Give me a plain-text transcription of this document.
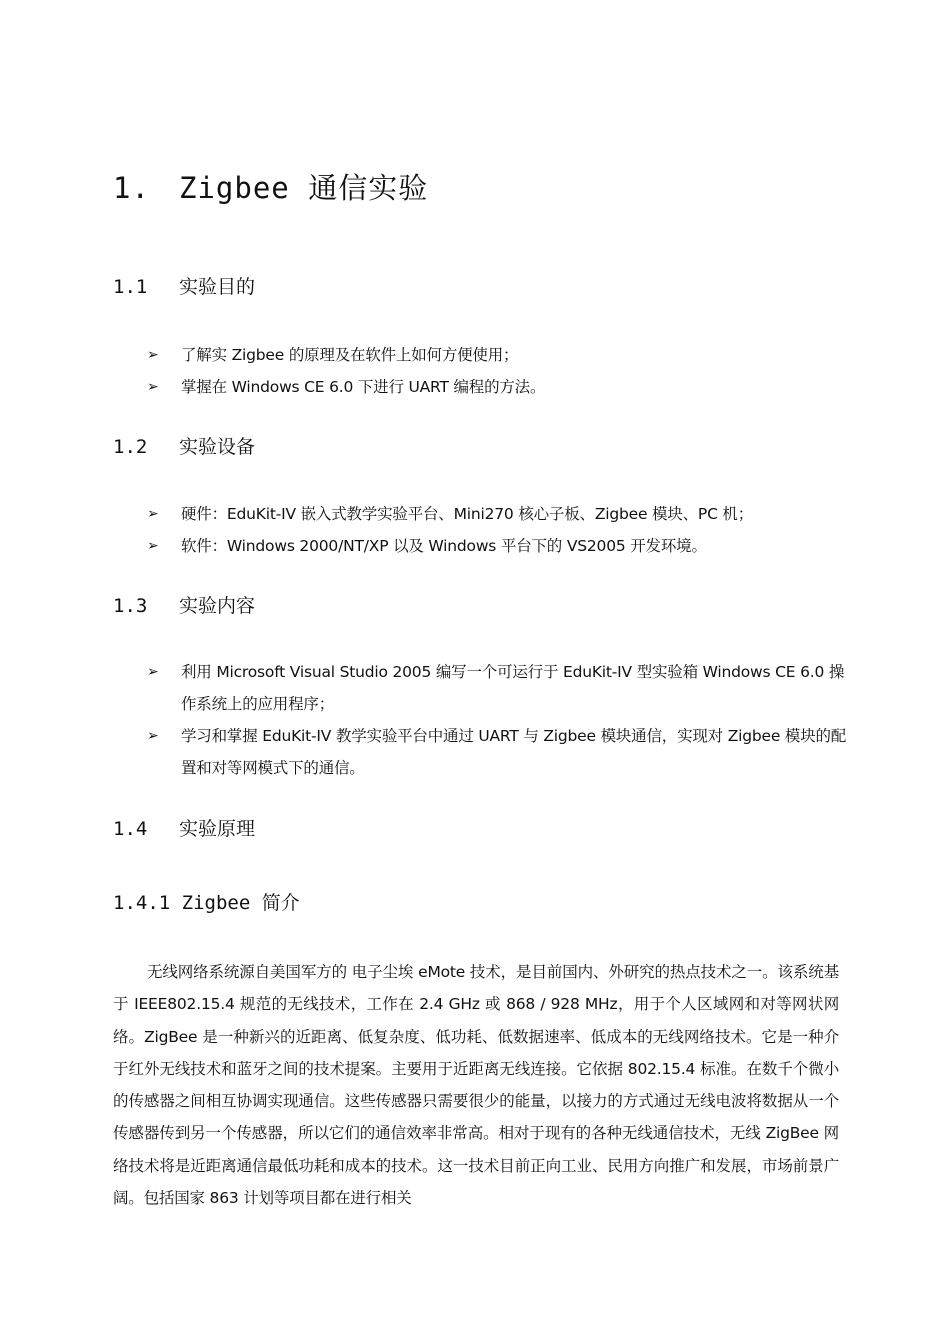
1. Zigbee 通信实验
1.1 实验目的
➢ 了解实 Zigbee 的原理及在软件上如何方便使用；
➢ 掌握在 Windows CE 6.0 下进行 UART 编程的方法。
1.2 实验设备
➢ 硬件：EduKit-IV 嵌入式教学实验平台、Mini270 核心子板、Zigbee 模块、PC 机；
➢ 软件：Windows 2000/NT/XP 以及 Windows 平台下的 VS2005 开发环境。
1.3 实验内容
➢ 利用 Microsoft Visual Studio 2005 编写一个可运行于 EduKit-IV 型实验箱 Windows CE 6.0 操作系统上的应用程序；
➢ 学习和掌握 EduKit-IV 教学实验平台中通过 UART 与 Zigbee 模块通信，实现对 Zigbee 模块的配置和对等网模式下的通信。
1.4 实验原理
1.4.1 Zigbee 简介

无线网络系统源自美国军方的 电子尘埃 eMote 技术，是目前国内、外研究的热点技术之一。该系统基于 IEEE802.15.4 规范的无线技术，工作在 2.4 GHz 或 868 / 928 MHz，用于个人区域网和对等网状网络。ZigBee 是一种新兴的近距离、低复杂度、低功耗、低数据速率、低成本的无线网络技术。它是一种介于红外无线技术和蓝牙之间的技术提案。主要用于近距离无线连接。它依据 802.15.4 标准。在数千个微小的传感器之间相互协调实现通信。这些传感器只需要很少的能量，以接力的方式通过无线电波将数据从一个传感器传到另一个传感器，所以它们的通信效率非常高。相对于现有的各种无线通信技术，无线 ZigBee 网络技术将是近距离通信最低功耗和成本的技术。这一技术目前正向工业、民用方向推广和发展，市场前景广阔。包括国家 863 计划等项目都在进行相关
